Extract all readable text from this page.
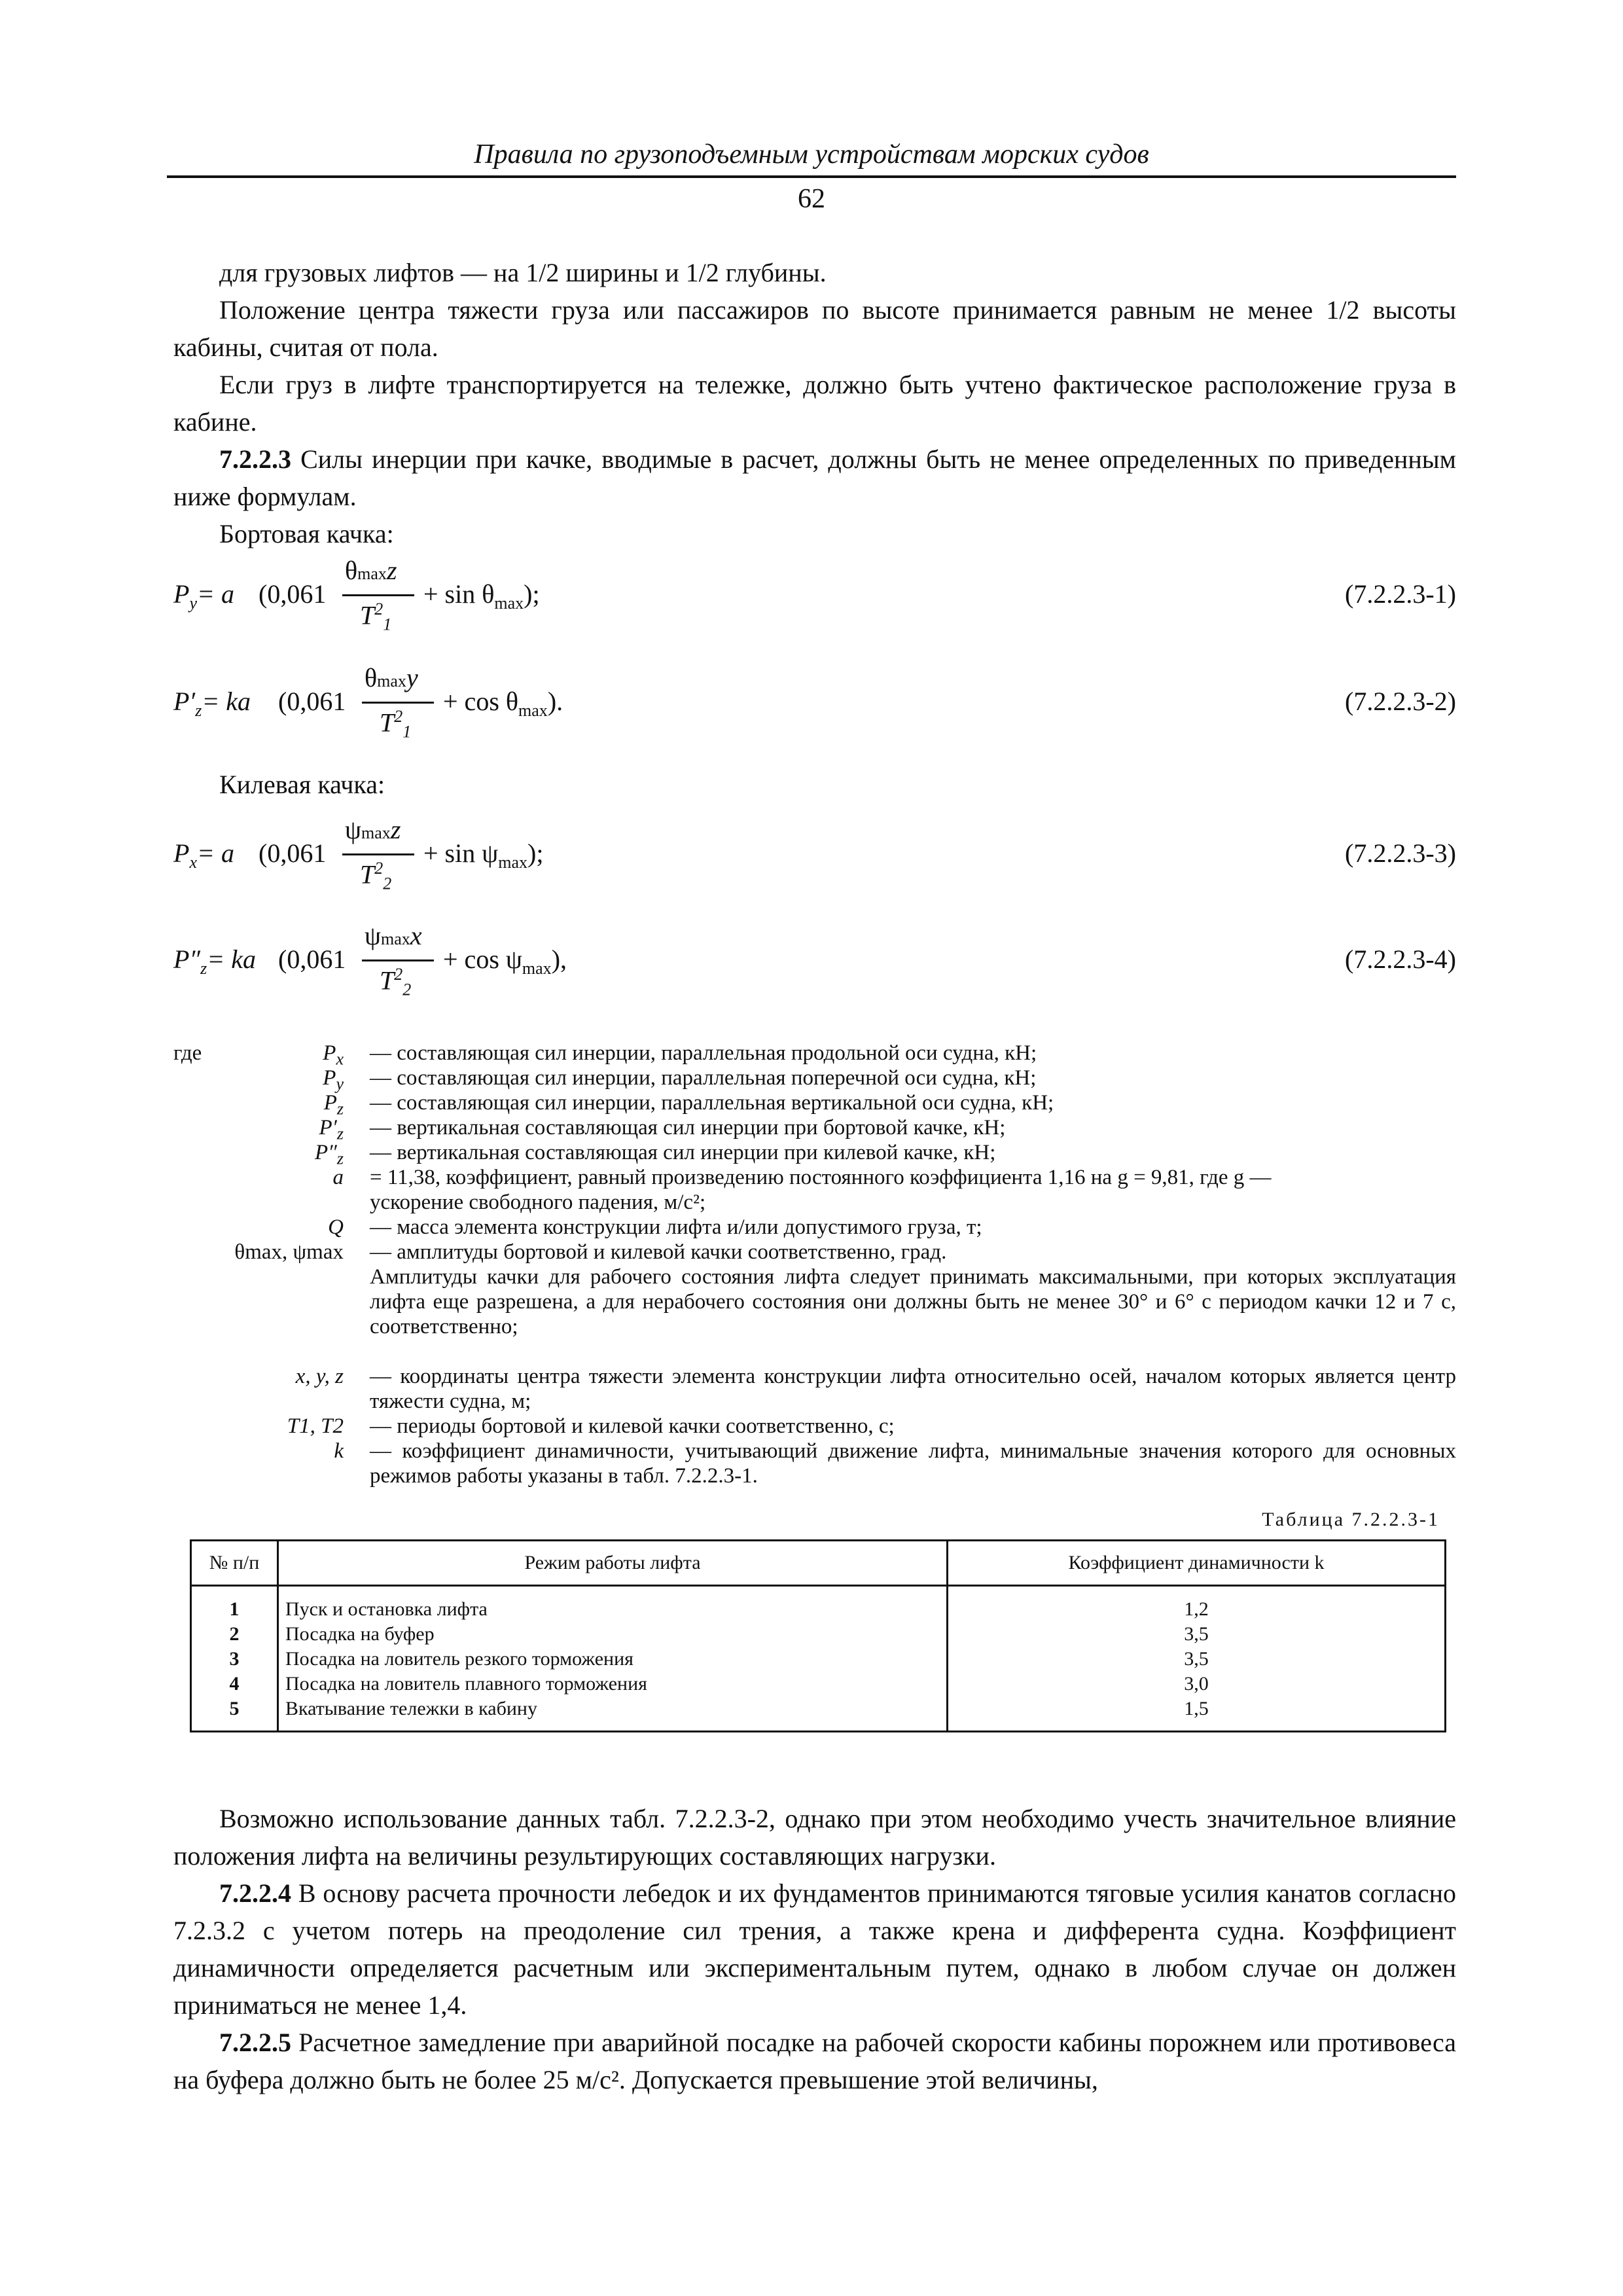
Правила по грузоподъемным устройствам морских судов
62

для грузовых лифтов — на 1/2 ширины и 1/2 глубины.

Положение центра тяжести груза или пассажиров по высоте принимается равным не менее 1/2 высоты кабины, считая от пола.

Если груз в лифте транспортируется на тележке, должно быть учтено фактическое расположение груза в кабине.

7.2.2.3 Силы инерции при качке, вводимые в расчет, должны быть не менее определенных по приведенным ниже формулам.

Бортовая качка:

$P_y= a$ (0,061
θmaxz
$T^2_1$
+ $\sin \theta_{max}$);	(7.2.2.3-1)
$P'_z=$ ka (0,061
θmaxy
$T^2_1$
+ $\cos \theta_{max}$).	(7.2.2.3-2)
Килевая качка:
$P_x= a$ (0,061
ψmaxz
$T^2_2$
+ $\sin \psi_{max}$);	(7.2.2.3-3)
$P''_z=$ ka (0,061
ψmaxx
$T^2_2$
+ $\cos \psi_{max}$),	(7.2.2.3-4)
где	$P_x$ — составляющая сил инерции, параллельная продольной оси судна, кН;
$P_y$ — составляющая сил инерции, параллельная поперечной оси судна, кН;
$P_z$ — составляющая сил инерции, параллельная вертикальной оси судна, кН;
$P'_z$ — вертикальная составляющая сил инерции при бортовой качке, кН;
$P''_z$ — вертикальная составляющая сил инерции при килевой качке, кН;
a = 11,38, коэффициент, равный произведению постоянного коэффициента 1,16 на g = 9,81, где g —
ускорение свободного падения, м/с²;
Q — масса элемента конструкции лифта и/или допустимого груза, т;
θmax, ψmax — амплитуды бортовой и килевой качки соответственно, град.
Амплитуды качки для рабочего состояния лифта следует принимать максимальными, при которых эксплуатация лифта еще разрешена, а для нерабочего состояния они должны быть не менее 30° и 6° с периодом качки 12 и 7 с, соответственно;
x, y, z — координаты центра тяжести элемента конструкции лифта относительно осей, началом которых является центр тяжести судна, м;
T1, T2 — периоды бортовой и килевой качки соответственно, с;
k — коэффициент динамичности, учитывающий движение лифта, минимальные значения которого для основных режимов работы указаны в табл. 7.2.2.3-1.
Таблица 7.2.2.3-1
№ п/п	Режим работы лифта	Коэффициент динамичности k
1	Пуск и остановка лифта	1,2
2	Посадка на буфер	3,5
3	Посадка на ловитель резкого торможения	3,5
4	Посадка на ловитель плавного торможения	3,0
5	Вкатывание тележки в кабину	1,5

Возможно использование данных табл. 7.2.2.3-2, однако при этом необходимо учесть значительное влияние положения лифта на величины результирующих составляющих нагрузки.

7.2.2.4 В основу расчета прочности лебедок и их фундаментов принимаются тяговые усилия канатов согласно 7.2.3.2 с учетом потерь на преодоление сил трения, а также крена и дифферента судна. Коэффициент динамичности определяется расчетным или экспериментальным путем, однако в любом случае он должен приниматься не менее 1,4.

7.2.2.5 Расчетное замедление при аварийной посадке на рабочей скорости кабины порожнем или противовеса на буфера должно быть не более 25 м/с². Допускается превышение этой величины,
